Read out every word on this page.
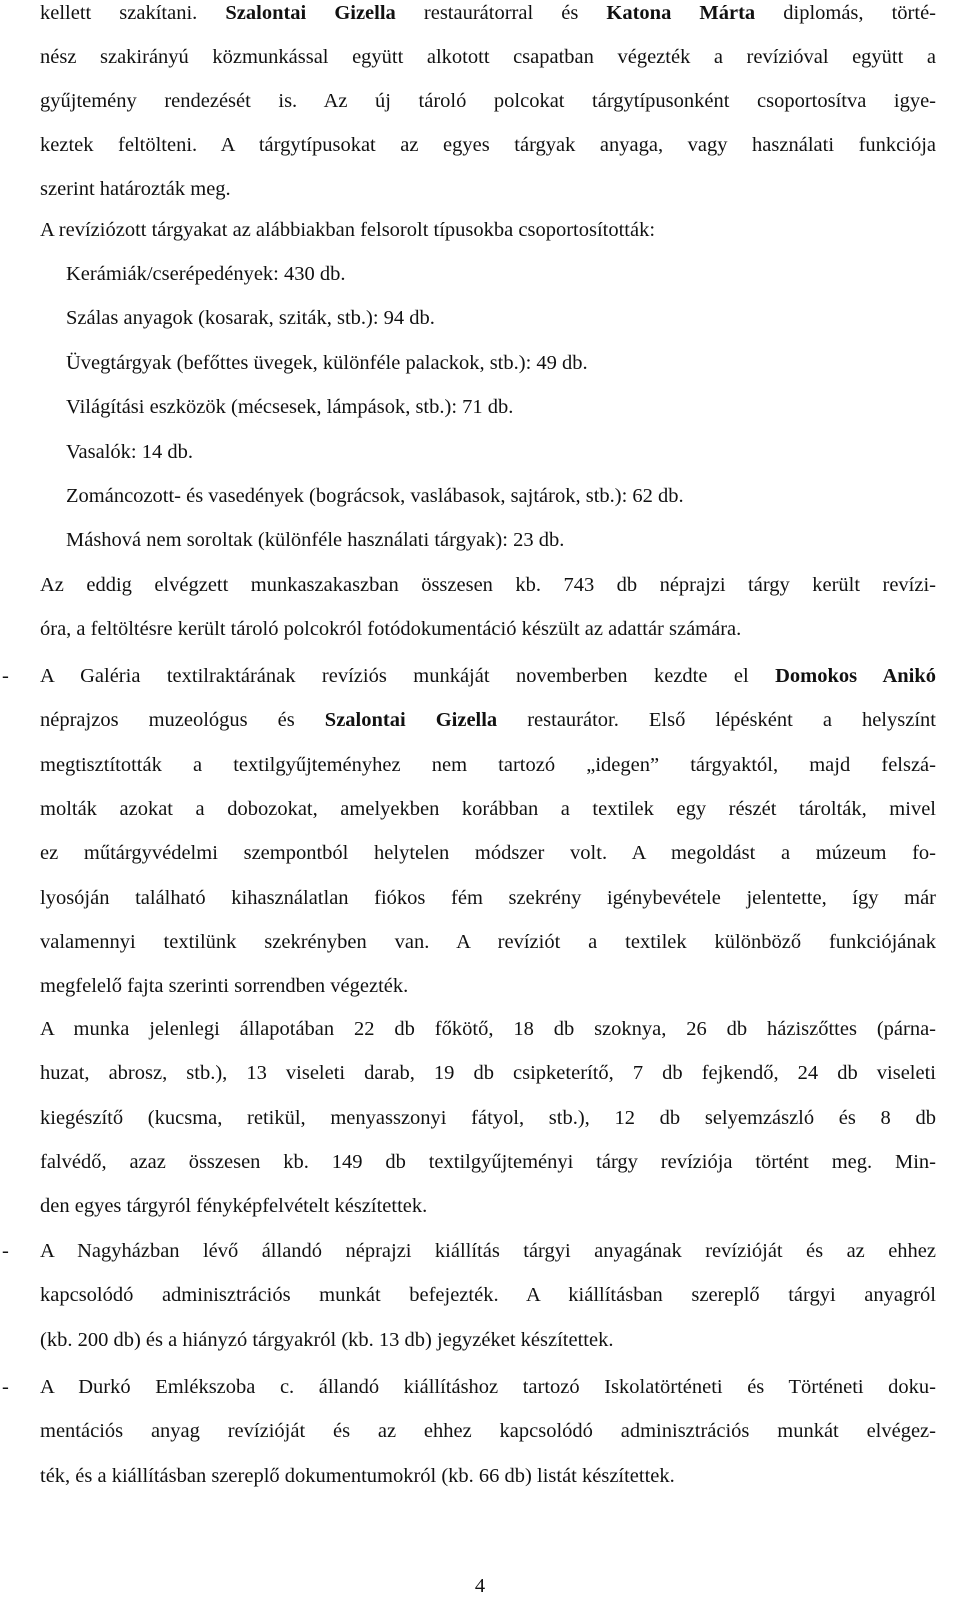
kellett szakítani. Szalontai Gizella restaurátorral és Katona Márta diplomás, törté-
nész szakirányú közmunkással együtt alkotott csapatban végezték a revízióval együtt a
gyűjtemény rendezését is. Az új tároló polcokat tárgytípusonként csoportosítva igye-
keztek feltölteni. A tárgytípusokat az egyes tárgyak anyaga, vagy használati funkciója
szerint határozták meg.
A revíziózott tárgyakat az alábbiakban felsorolt típusokba csoportosították:
Kerámiák/cserépedények: 430 db.
Szálas anyagok (kosarak, sziták, stb.): 94 db.
Üvegtárgyak (befőttes üvegek, különféle palackok, stb.): 49 db.
Világítási eszközök (mécsesek, lámpások, stb.): 71 db.
Vasalók: 14 db.
Zománcozott- és vasedények (bográcsok, vaslábasok, sajtárok, stb.): 62 db.
Máshová nem soroltak (különféle használati tárgyak): 23 db.
Az eddig elvégzett munkaszakaszban összesen kb. 743 db néprajzi tárgy került revízi-
óra, a feltöltésre került tároló polcokról fotódokumentáció készült az adattár számára.
- A Galéria textilraktárának revíziós munkáját novemberben kezdte el Domokos Anikó
néprajzos muzeológus és Szalontai Gizella restaurátor. Első lépésként a helyszínt
megtisztították a textilgyűjteményhez nem tartozó „idegen” tárgyaktól, majd felszá-
molták azokat a dobozokat, amelyekben korábban a textilek egy részét tárolták, mivel
ez műtárgyvédelmi szempontból helytelen módszer volt. A megoldást a múzeum fo-
lyosóján található kihasználatlan fiókos fém szekrény igénybevétele jelentette, így már
valamennyi textilünk szekrényben van. A revíziót a textilek különböző funkciójának
megfelelő fajta szerinti sorrendben végezték.
A munka jelenlegi állapotában 22 db főkötő, 18 db szoknya, 26 db háziszőttes (párna-
huzat, abrosz, stb.), 13 viseleti darab, 19 db csipketerítő, 7 db fejkendő, 24 db viseleti
kiegészítő (kucsma, retikül, menyasszonyi fátyol, stb.), 12 db selyemzászló és 8 db
falvédő, azaz összesen kb. 149 db textilgyűjteményi tárgy revíziója történt meg. Min-
den egyes tárgyról fényképfelvételt készítettek.
- A Nagyházban lévő állandó néprajzi kiállítás tárgyi anyagának revízióját és az ehhez
kapcsolódó adminisztrációs munkát befejezték. A kiállításban szereplő tárgyi anyagról
(kb. 200 db) és a hiányzó tárgyakról (kb. 13 db) jegyzéket készítettek.
- A Durkó Emlékszoba c. állandó kiállításhoz tartozó Iskolatörténeti és Történeti doku-
mentációs anyag revízióját és az ehhez kapcsolódó adminisztrációs munkát elvégez-
ték, és a kiállításban szereplő dokumentumokról (kb. 66 db) listát készítettek.
4
